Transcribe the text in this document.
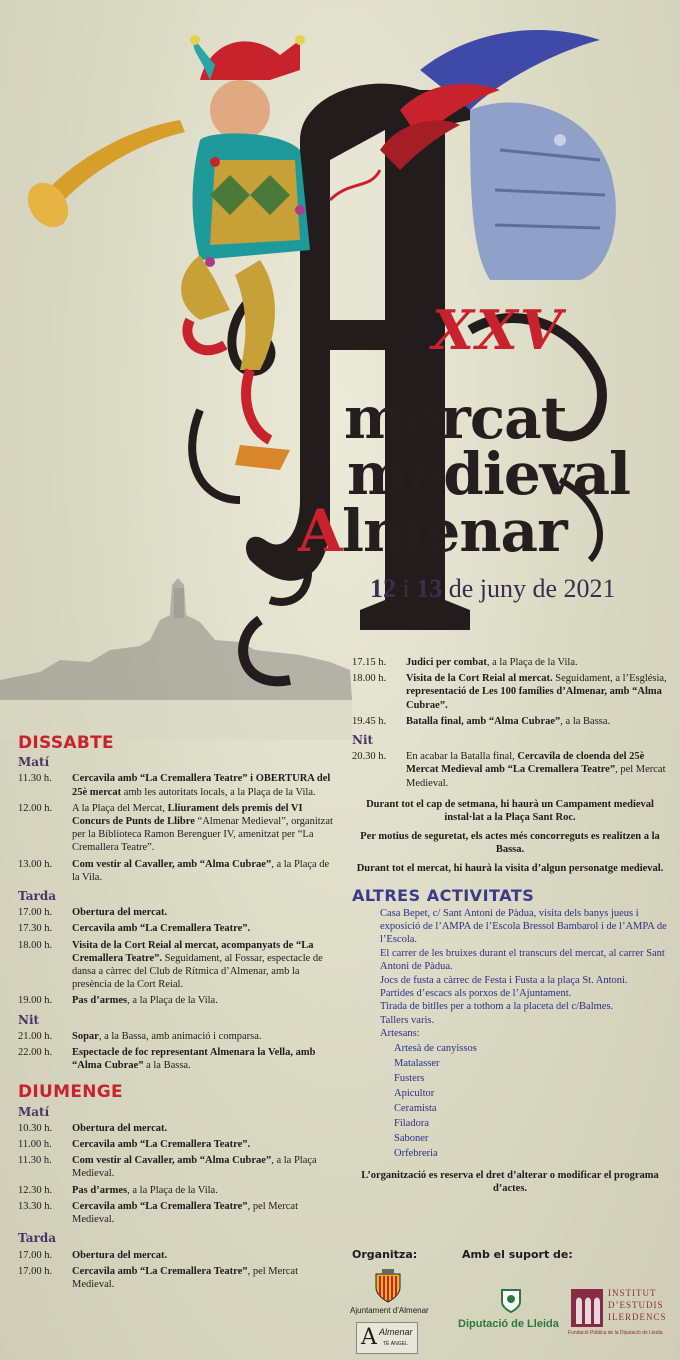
XXV
mercat
medieval
Almenar
12 i 13 de juny de 2021
DISSABTE
Matí
11.30 h.	Cercavila amb “La Cremallera Teatre” i OBERTURA del 25è mercat amb les autoritats locals, a la Plaça de la Vila.
12.00 h.	A la Plaça del Mercat, Lliurament dels premis del VI Concurs de Punts de Llibre “Almenar Medieval”, organitzat per la Biblioteca Ramon Berenguer IV, amenitzat per “La Cremallera Teatre”.
13.00 h.	Com vestir al Cavaller, amb “Alma Cubrae”, a la Plaça de la Vila.
Tarda
17.00 h.	Obertura del mercat.
17.30 h.	Cercavila amb “La Cremallera Teatre”.
18.00 h.	Visita de la Cort Reial al mercat, acompanyats de “La Cremallera Teatre”. Seguidament, al Fossar, espectacle de dansa a càrrec del Club de Rítmica d’Almenar, amb la presència de la Cort Reial.
19.00 h.	Pas d’armes, a la Plaça de la Vila.
Nit
21.00 h.	Sopar, a la Bassa, amb animació i comparsa.
22.00 h.	Espectacle de foc representant Almenara la Vella, amb “Alma Cubrae” a la Bassa.
DIUMENGE
Matí
10.30 h.	Obertura del mercat.
11.00 h.	Cercavila amb “La Cremallera Teatre”.
11.30 h.	Com vestir al Cavaller, amb “Alma Cubrae”, a la Plaça Medieval.
12.30 h.	Pas d’armes, a la Plaça de la Vila.
13.30 h.	Cercavila amb “La Cremallera Teatre”, pel Mercat Medieval.
Tarda
17.00 h.	Obertura del mercat.
17.00 h.	Cercavila amb “La Cremallera Teatre”, pel Mercat Medieval.
17.15 h.	Judici per combat, a la Plaça de la Vila.
18.00 h.	Visita de la Cort Reial al mercat. Seguidament, a l’Església, representació de Les 100 famílies d’Almenar, amb “Alma Cubrae”.
19.45 h.	Batalla final, amb “Alma Cubrae”, a la Bassa.
Nit
20.30 h.	En acabar la Batalla final, Cercavila de cloenda del 25è Mercat Medieval amb “La Cremallera Teatre”, pel Mercat Medieval.
Durant tot el cap de setmana, hi haurà un Campament medieval instal·lat a la Plaça Sant Roc.
Per motius de seguretat, els actes més concorreguts es realitzen a la Bassa.
Durant tot el mercat, hi haurà la visita d’algun personatge medieval.
ALTRES ACTIVITATS
Casa Bepet, c/ Sant Antoni de Pàdua, visita dels banys jueus i exposició de l’AMPA de l’Escola Bressol Bambarol i de l’AMPA de l’Escola.
El carrer de les bruixes durant el transcurs del mercat, al carrer Sant Antoni de Pàdua.
Jocs de fusta a càrrec de Festa i Fusta a la plaça St. Antoni.
Partides d’escacs als porxos de l’Ajuntament.
Tirada de bitlles per a tothom a la placeta del c/Balmes.
Tallers varis.
Artesans:
Artesà de canyissos
Matalasser
Fusters
Apicultor
Ceramista
Filadora
Saboner
Orfebreria
L’organització es reserva el dret d’alterar o modificar el programa d’actes.
Organitza:	Amb el suport de:
Ajuntament d’Almenar
Almenar
TÉ ÀNGEL
A
Diputació de Lleida
INSTITUT
D’ESTUDIS
ILERDENCS
Fundació Pública de la Diputació de Lleida
